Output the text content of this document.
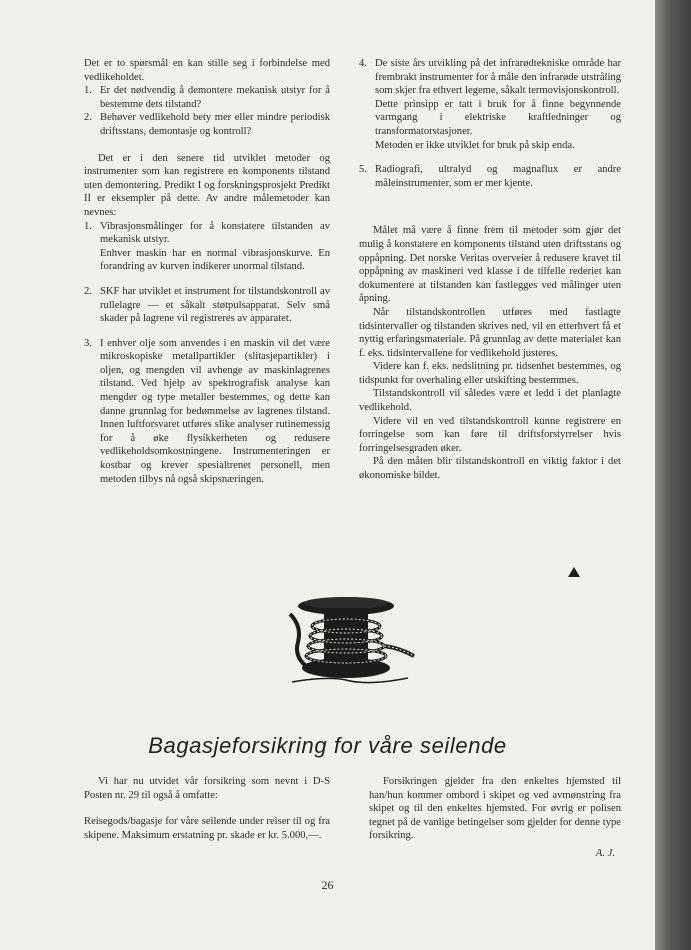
Det er to spørsmål en kan stille seg i forbindelse med vedlikeholdet.

1. Er det nødvendig å demontere mekanisk utstyr for å bestemme dets tilstand?
2. Behøver vedlikehold bety mer eller mindre periodisk driftsstans, demontasje og kontroll?

Det er i den senere tid utviklet metoder og instrumenter som kan registrere en komponents tilstand uten demontering. Predikt I og forskningsprosjekt Predikt II er eksempler på dette. Av andre målemetoder kan nevnes:

1. Vibrasjonsmålinger for å konstatere tilstanden av mekanisk utstyr.
Enhver maskin har en normal vibrasjonskurve. En forandring av kurven indikerer unormal tilstand.
2. SKF har utviklet et instrument for tilstandskontroll av rullelagre — et såkalt støtpulsapparat. Selv små skader på lagrene vil registreres av apparatet.
3. I enhver olje som anvendes i en maskin vil det være mikroskopiske metallpartikler (slitasjepartikler) i oljen, og mengden vil avhenge av maskinlagrenes tilstand. Ved hjelp av spektrografisk analyse kan mengder og type metaller bestemmes, og dette kan danne grunnlag for bedømmelse av lagrenes tilstand. Innen luftforsvaret utføres slike analyser rutinemessig for å øke flysikkerheten og redusere vedlikeholdsomkostningene. Instrumenteringen er kostbar og krever spesialtrenet personell, men metoden tilbys nå også skipsnæringen.
4. De siste års utvikling på det infrarødtekniske område har frembrakt instrumenter for å måle den infrarøde utstråling som skjer fra ethvert legeme, såkalt termovisjonskontroll.
Dette prinsipp er tatt i bruk for å finne begynnende varmgang i elektriske kraftledninger og transformatorstasjoner.
Metoden er ikke utviklet for bruk på skip enda.
5. Radiografi, ultralyd og magnaflux er andre måleinstrumenter, som er mer kjente.

Målet må være å finne frem til metoder som gjør det mulig å konstatere en komponents tilstand uten driftsstans og oppåpning. Det norske Veritas overveier å redusere kravet til oppåpning av maskineri ved klasse i de tilfelle rederiet kan dokumentere at tilstanden kan fastlegges ved målinger uten åpning.

Når tilstandskontrollen utføres med fastlagte tidsintervaller og tilstanden skrives ned, vil en etterhvert få et nyttig erfaringsmateriale. På grunnlag av dette materialet kan f. eks. tidsintervallene for vedlikehold justeres.

Videre kan f. eks. nedslitning pr. tidsenhet bestemmes, og tidspunkt for overhaling eller utskifting bestemmes.

Tilstandskontroll vil således være et ledd i det planlagte vedlikehold.

Videre vil en ved tilstandskontroll kunne registrere en forringelse som kan føre til driftsforstyrrelser hvis forringelsesgraden øker.

På den måten blir tilstandskontroll en viktig faktor i det økonomiske bildet.

Bagasjeforsikring for våre seilende

Vi har nu utvidet vår forsikring som nevnt i D-S Posten nr. 29 til også å omfatte:

Reisegods/bagasje for våre seilende under reiser til og fra skipene. Maksimum erstatning pr. skade er kr. 5.000,—.

Forsikringen gjelder fra den enkeltes hjemsted til han/hun kommer ombord i skipet og ved avmønstring fra skipet og til den enkeltes hjemsted. For øvrig er polisen tegnet på de vanlige betingelser som gjelder for denne type forsikring.

A. J.

26
